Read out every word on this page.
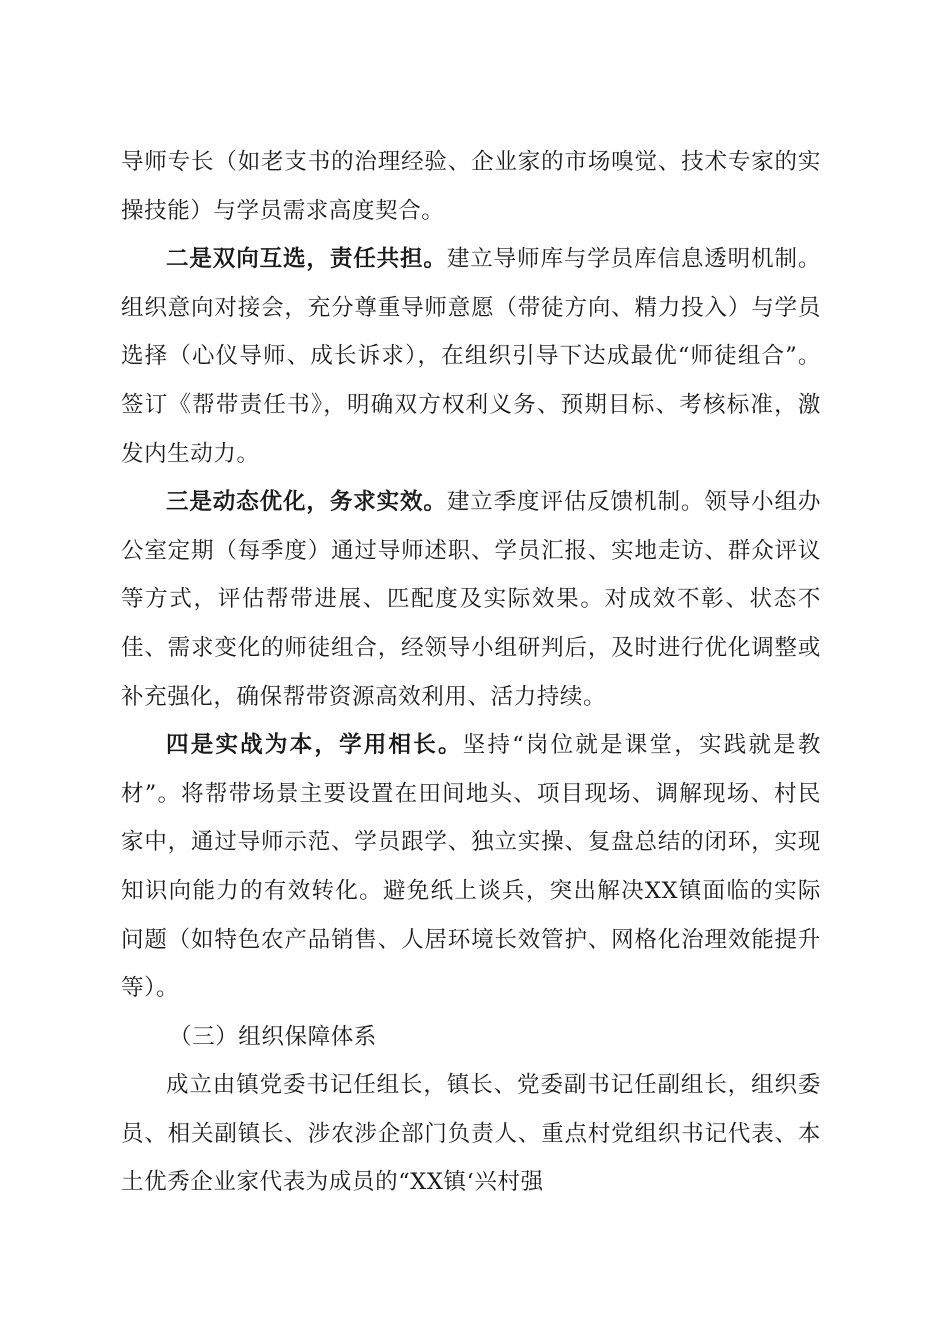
导师专长（如老支书的治理经验、企业家的市场嗅觉、技术专家的实操技能）与学员需求高度契合。

二是双向互选，责任共担。建立导师库与学员库信息透明机制。组织意向对接会，充分尊重导师意愿（带徒方向、精力投入）与学员选择（心仪导师、成长诉求），在组织引导下达成最优“师徒组合”。签订《帮带责任书》，明确双方权利义务、预期目标、考核标准，激发内生动力。

三是动态优化，务求实效。建立季度评估反馈机制。领导小组办公室定期（每季度）通过导师述职、学员汇报、实地走访、群众评议等方式，评估帮带进展、匹配度及实际效果。对成效不彰、状态不佳、需求变化的师徒组合，经领导小组研判后，及时进行优化调整或补充强化，确保帮带资源高效利用、活力持续。

四是实战为本，学用相长。坚持“岗位就是课堂，实践就是教材”。将帮带场景主要设置在田间地头、项目现场、调解现场、村民家中，通过导师示范、学员跟学、独立实操、复盘总结的闭环，实现知识向能力的有效转化。避免纸上谈兵，突出解决XX镇面临的实际问题（如特色农产品销售、人居环境长效管护、网格化治理效能提升等）。

（三）组织保障体系

成立由镇党委书记任组长，镇长、党委副书记任副组长，组织委员、相关副镇长、涉农涉企部门负责人、重点村党组织书记代表、本土优秀企业家代表为成员的“XX镇‘兴村强
